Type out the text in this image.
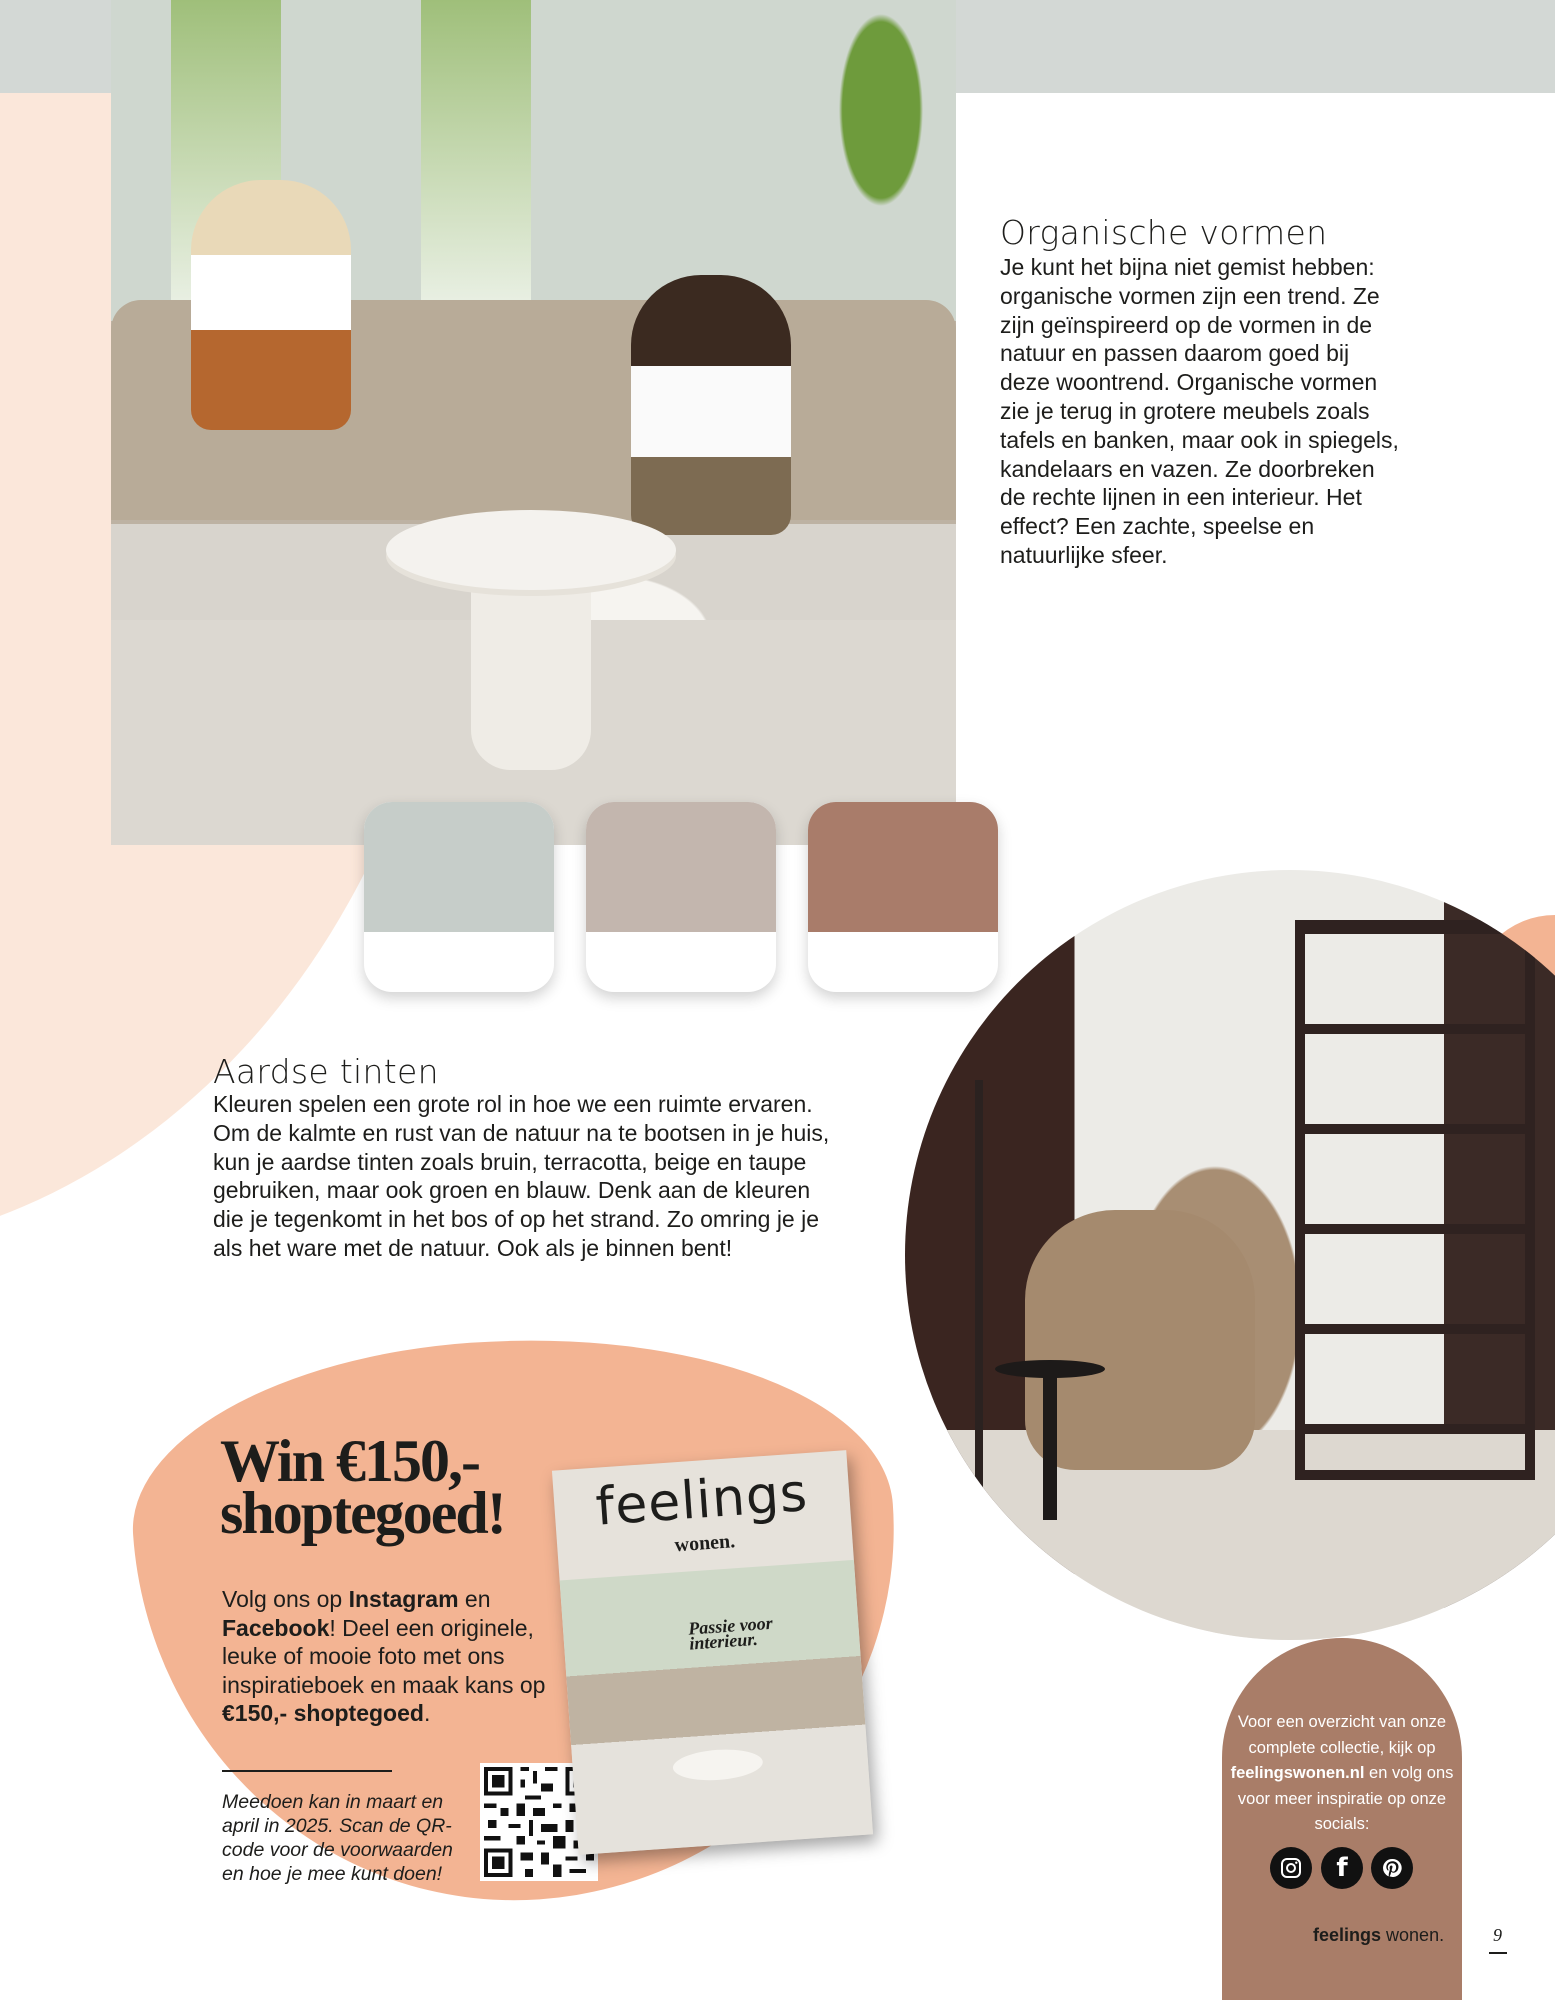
Organische vormen
Je kunt het bijna niet gemist hebben: organische vormen zijn een trend. Ze zijn geïnspireerd op de vormen in de natuur en passen daarom goed bij deze woontrend. Organische vormen zie je terug in grotere meubels zoals tafels en banken, maar ook in spiegels, kandelaars en vazen. Ze doorbreken de rechte lijnen in een interieur. Het effect? Een zachte, speelse en natuurlijke sfeer.
Aardse tinten
Kleuren spelen een grote rol in hoe we een ruimte ervaren. Om de kalmte en rust van de natuur na te bootsen in je huis, kun je aardse tinten zoals bruin, terracotta, beige en taupe gebruiken, maar ook groen en blauw. Denk aan de kleuren die je tegenkomt in het bos of op het strand. Zo omring je je als het ware met de natuur. Ook als je binnen bent!
Win €150,-
shoptegoed!
Volg ons op Instagram en Facebook! Deel een originele, leuke of mooie foto met ons inspiratieboek en maak kans op €150,- shoptegoed.
Meedoen kan in maart en april in 2025. Scan de QR-code voor de voorwaarden en hoe je mee kunt doen!
feelings
wonen.
Passie voor interieur.
Voor een overzicht van onze complete collectie, kijk op feelingswonen.nl en volg ons voor meer inspiratie op onze socials:
f
feelings wonen.	9
